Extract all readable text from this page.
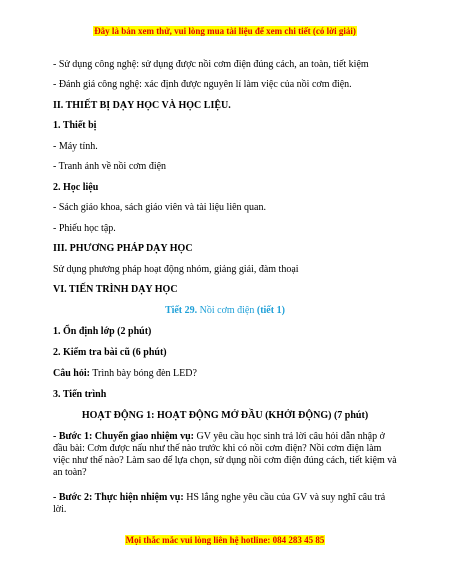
Đây là bản xem thử, vui lòng mua tài liệu để xem chi tiết (có lời giải)
- Sử dụng công nghệ: sử dụng được nồi cơm điện đúng cách, an toàn, tiết kiệm
- Đánh giá công nghệ: xác định được nguyên lí làm việc của nồi cơm điện.
II. THIẾT BỊ DẠY HỌC VÀ HỌC LIỆU.
1. Thiết bị
- Máy tính.
- Tranh ảnh về nồi cơm điện
2. Học liệu
- Sách giáo khoa, sách giáo viên và tài liệu liên quan.
- Phiếu học tập.
III. PHƯƠNG PHÁP DẠY HỌC
Sử dụng phương pháp hoạt động nhóm, giảng giải, đàm thoại
VI. TIẾN TRÌNH DẠY HỌC
Tiết 29. Nồi cơm điện (tiết 1)
1. Ổn định lớp (2 phút)
2. Kiểm tra bài cũ (6 phút)
Câu hỏi: Trình bày bóng đèn LED?
3. Tiến trình
HOẠT ĐỘNG 1: HOẠT ĐỘNG MỞ ĐẦU (KHỞI ĐỘNG) (7 phút)
- Bước 1: Chuyển giao nhiệm vụ: GV yêu cầu học sinh trả lời câu hỏi dẫn nhập ở đầu bài: Cơm được nấu như thế nào trước khi có nồi cơm điện? Nồi cơm điện làm việc như thế nào? Làm sao để lựa chọn, sử dụng nồi cơm điện đúng cách, tiết kiệm và an toàn?
- Bước 2: Thực hiện nhiệm vụ: HS lắng nghe yêu cầu của GV và suy nghĩ câu trả lời.
Mọi thắc mắc vui lòng liên hệ hotline: 084 283 45 85
